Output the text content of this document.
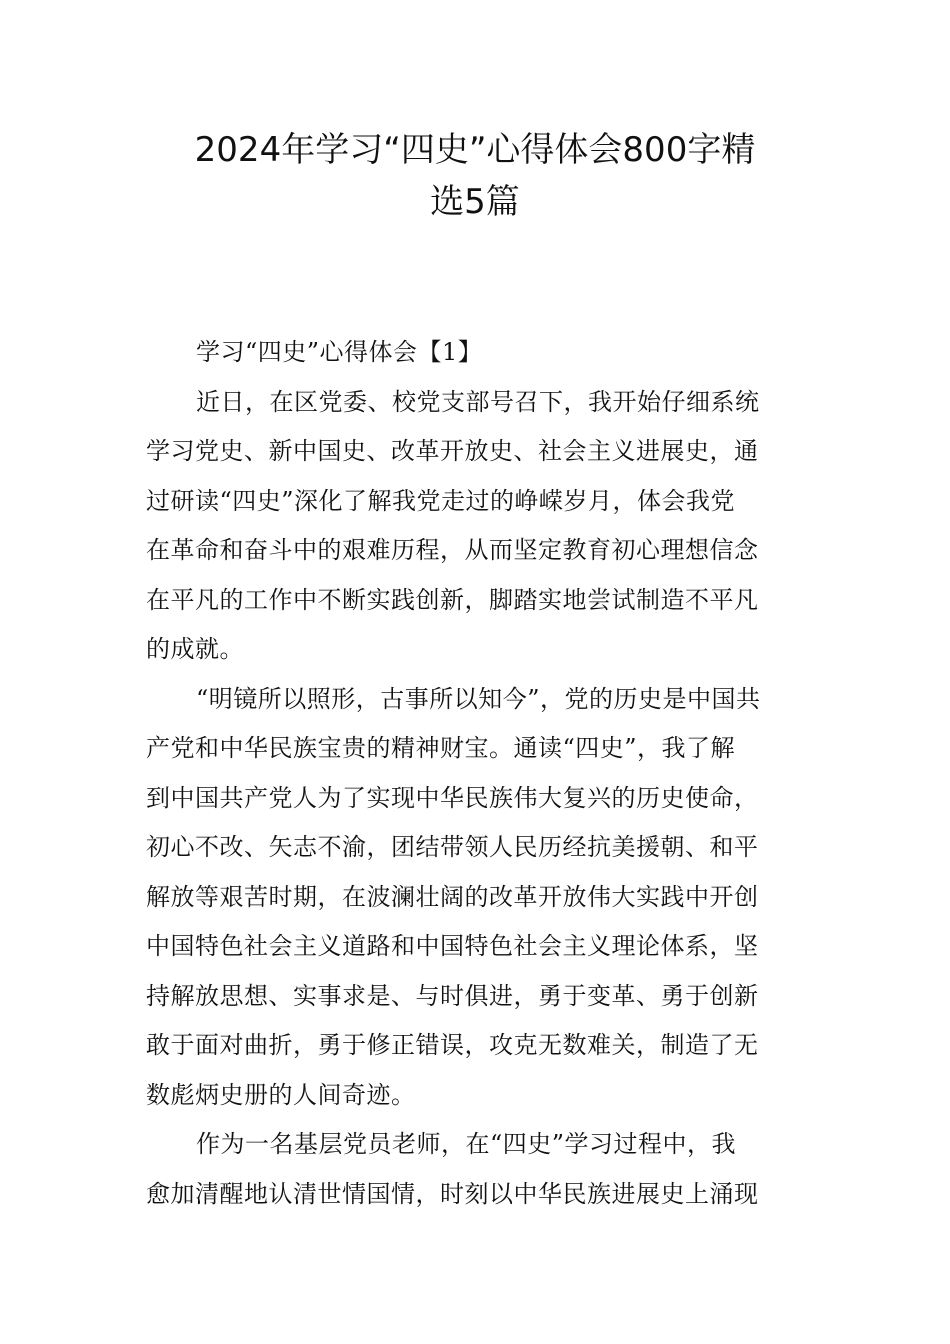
2024年学习“四史”心得体会800字精
选5篇
学习“四史”心得体会【1】
近日，在区党委、校党支部号召下，我开始仔细系统
学习党史、新中国史、改革开放史、社会主义进展史，通
过研读“四史”深化了解我党走过的峥嵘岁月，体会我党
在革命和奋斗中的艰难历程，从而坚定教育初心理想信念
在平凡的工作中不断实践创新，脚踏实地尝试制造不平凡
的成就。
“明镜所以照形，古事所以知今”，党的历史是中国共
产党和中华民族宝贵的精神财宝。通读“四史”，我了解
到中国共产党人为了实现中华民族伟大复兴的历史使命，
初心不改、矢志不渝，团结带领人民历经抗美援朝、和平
解放等艰苦时期，在波澜壮阔的改革开放伟大实践中开创
中国特色社会主义道路和中国特色社会主义理论体系，坚
持解放思想、实事求是、与时俱进，勇于变革、勇于创新
敢于面对曲折，勇于修正错误，攻克无数难关，制造了无
数彪炳史册的人间奇迹。
作为一名基层党员老师，在“四史”学习过程中，我
愈加清醒地认清世情国情，时刻以中华民族进展史上涌现
